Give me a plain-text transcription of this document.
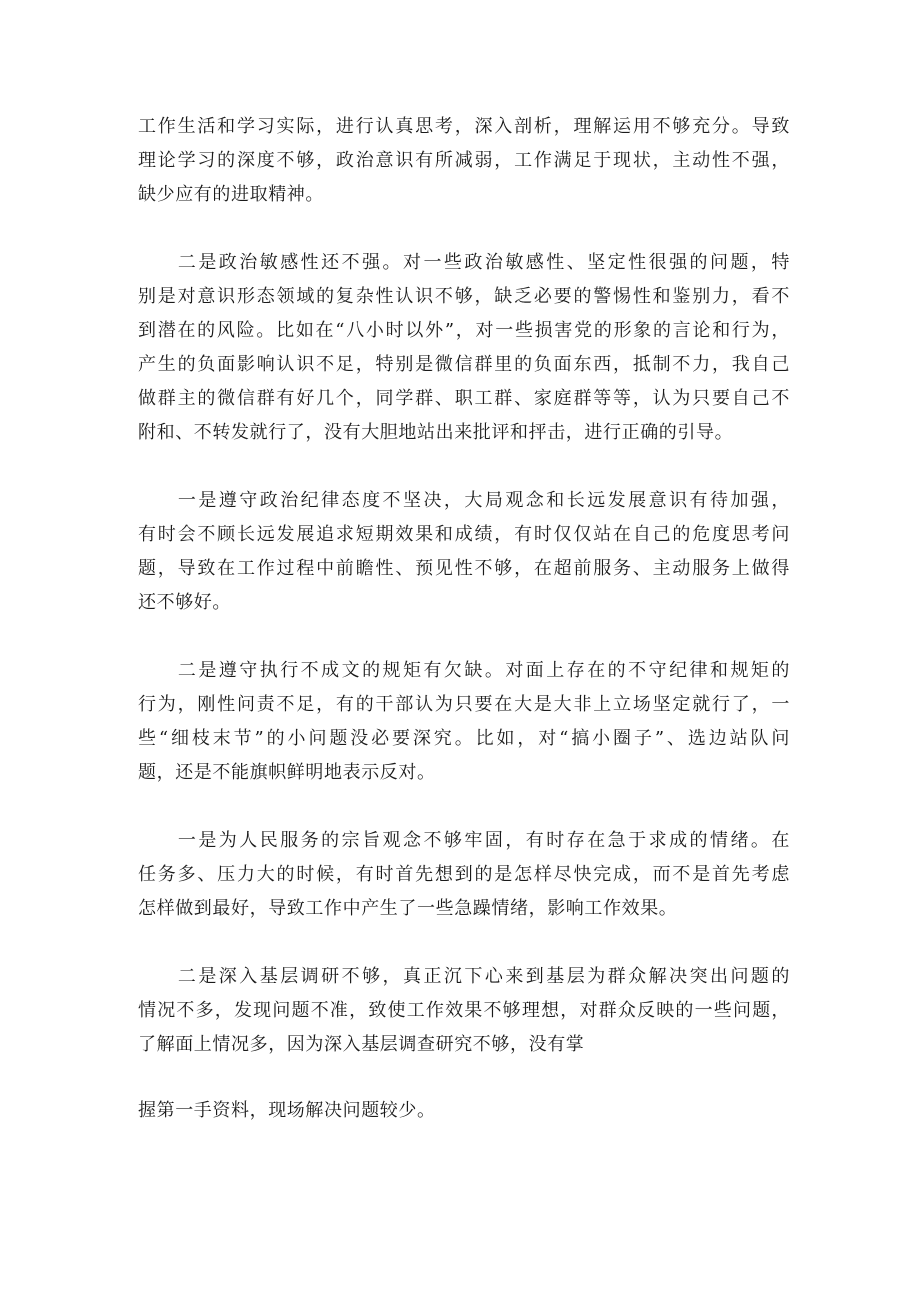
工作生活和学习实际，进行认真思考，深入剖析，理解运用不够充分。导致
理论学习的深度不够，政治意识有所减弱，工作满足于现状，主动性不强，
缺少应有的进取精神。

二是政治敏感性还不强。对一些政治敏感性、坚定性很强的问题，特
别是对意识形态领域的复杂性认识不够，缺乏必要的警惕性和鉴别力，看不
到潜在的风险。比如在“八小时以外”，对一些损害党的形象的言论和行为，
产生的负面影响认识不足，特别是微信群里的负面东西，抵制不力，我自己
做群主的微信群有好几个，同学群、职工群、家庭群等等，认为只要自己不
附和、不转发就行了，没有大胆地站出来批评和抨击，进行正确的引导。

一是遵守政治纪律态度不坚决，大局观念和长远发展意识有待加强，
有时会不顾长远发展追求短期效果和成绩，有时仅仅站在自己的危度思考问
题，导致在工作过程中前瞻性、预见性不够，在超前服务、主动服务上做得
还不够好。

二是遵守执行不成文的规矩有欠缺。对面上存在的不守纪律和规矩的
行为，刚性问责不足，有的干部认为只要在大是大非上立场坚定就行了，一
些“细枝末节”的小问题没必要深究。比如，对“搞小圈子”、选边站队问
题，还是不能旗帜鲜明地表示反对。

一是为人民服务的宗旨观念不够牢固，有时存在急于求成的情绪。在
任务多、压力大的时候，有时首先想到的是怎样尽快完成，而不是首先考虑
怎样做到最好，导致工作中产生了一些急躁情绪，影响工作效果。

二是深入基层调研不够，真正沉下心来到基层为群众解决突出问题的
情况不多，发现问题不准，致使工作效果不够理想，对群众反映的一些问题，
了解面上情况多，因为深入基层调查研究不够，没有掌

握第一手资料，现场解决问题较少。
